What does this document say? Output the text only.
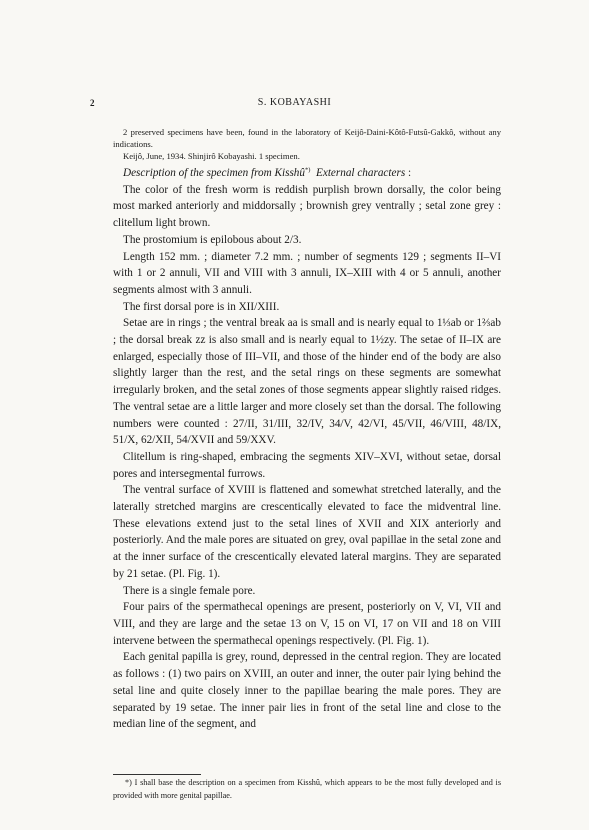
2	S. KOBAYASHI

2 preserved specimens have been, found in the laboratory of Keijô-Daini-Kôtô-Futsû-Gakkô, without any indications.

Keijô, June, 1934. Shinjirô Kobayashi. 1 specimen.

Description of the specimen from Kisshû*) External characters :

The color of the fresh worm is reddish purplish brown dorsally, the color being most marked anteriorly and middorsally ; brownish grey ventrally ; setal zone grey : clitellum light brown.

The prostomium is epilobous about 2/3.

Length 152 mm. ; diameter 7.2 mm. ; number of segments 129 ; segments II–VI with 1 or 2 annuli, VII and VIII with 3 annuli, IX–XIII with 4 or 5 annuli, another segments almost with 3 annuli.

The first dorsal pore is in XII/XIII.

Setae are in rings ; the ventral break aa is small and is nearly equal to 1⅓ab or 1⅔ab ; the dorsal break zz is also small and is nearly equal to 1½zy. The setae of II–IX are enlarged, especially those of III–VII, and those of the hinder end of the body are also slightly larger than the rest, and the setal rings on these segments are somewhat irregularly broken, and the setal zones of those segments appear slightly raised ridges. The ventral setae are a little larger and more closely set than the dorsal. The following numbers were counted : 27/II, 31/III, 32/IV, 34/V, 42/VI, 45/VII, 46/VIII, 48/IX, 51/X, 62/XII, 54/XVII and 59/XXV.

Clitellum is ring-shaped, embracing the segments XIV–XVI, without setae, dorsal pores and intersegmental furrows.

The ventral surface of XVIII is flattened and somewhat stretched laterally, and the laterally stretched margins are crescentically elevated to face the midventral line. These elevations extend just to the setal lines of XVII and XIX anteriorly and posteriorly. And the male pores are situated on grey, oval papillae in the setal zone and at the inner surface of the crescentically elevated lateral margins. They are separated by 21 setae. (Pl. Fig. 1).

There is a single female pore.

Four pairs of the spermathecal openings are present, posteriorly on V, VI, VII and VIII, and they are large and the setae 13 on V, 15 on VI, 17 on VII and 18 on VIII intervene between the spermathecal openings respectively. (Pl. Fig. 1).

Each genital papilla is grey, round, depressed in the central region. They are located as follows : (1) two pairs on XVIII, an outer and inner, the outer pair lying behind the setal line and quite closely inner to the papillae bearing the male pores. They are separated by 19 setae. The inner pair lies in front of the setal line and close to the median line of the segment, and

*) I shall base the description on a specimen from Kisshû, which appears to be the most fully developed and is provided with more genital papillae.
